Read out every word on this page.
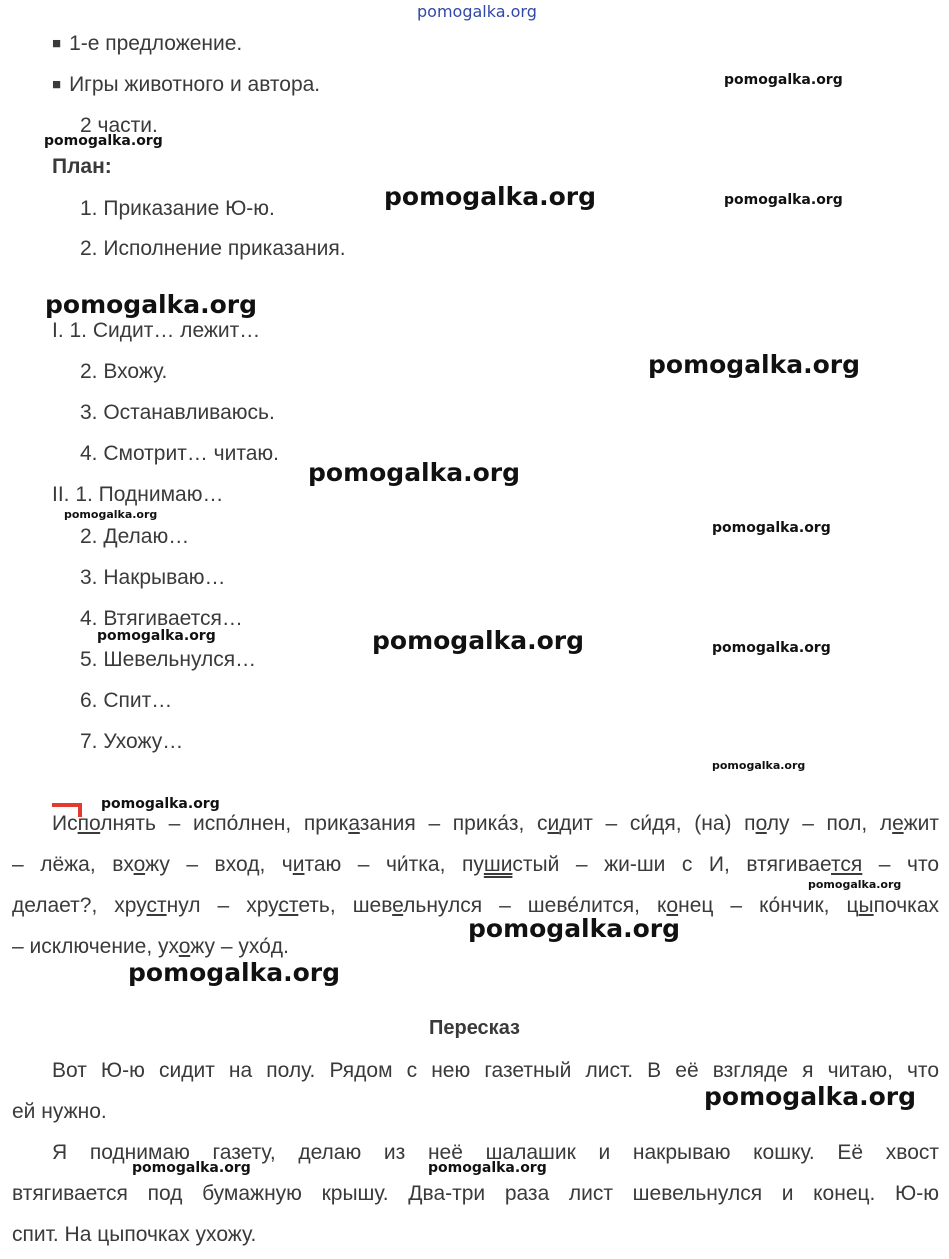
pomogalka.org
■ 1-е предложение.
■ Игры животного и автора.
2 части.
План:
1. Приказание Ю-ю.
2. Исполнение приказания.
I. 1. Сидит… лежит…
2. Вхожу.
3. Останавливаюсь.
4. Смотрит… читаю.
II. 1. Поднимаю…
2. Делаю…
3. Накрываю…
4. Втягивается…
5. Шевельнулся…
6. Спит…
7. Ухожу…
Исполнять – испо́лнен, приказания – прика́з, сидит – си́дя, (на) полу – пол, лежит
– лёжа, вхожу – вход, читаю – чи́тка, пушистый – жи-ши с И, втягивается – что
делает?, хрустнул – хрустеть, шевельнулся – шеве́лится, конец – ко́нчик, цыпочках
– исключение, ухожу – ухо́д.
Пересказ
Вот Ю-ю сидит на полу. Рядом с нею газетный лист. В её взгляде я читаю, что
ей нужно.
Я поднимаю газету, делаю из неё шалашик и накрываю кошку. Её хвост
втягивается под бумажную крышу. Два-три раза лист шевельнулся и конец. Ю-ю
спит. На цыпочках ухожу.
pomogalka.org
pomogalka.org
pomogalka.org	pomogalka.org
pomogalka.org
pomogalka.org
pomogalka.org
pomogalka.org
pomogalka.org
pomogalka.org	pomogalka.org	pomogalka.org
pomogalka.org
pomogalka.org
pomogalka.org
pomogalka.org
pomogalka.org
pomogalka.org
pomogalka.org	pomogalka.org
